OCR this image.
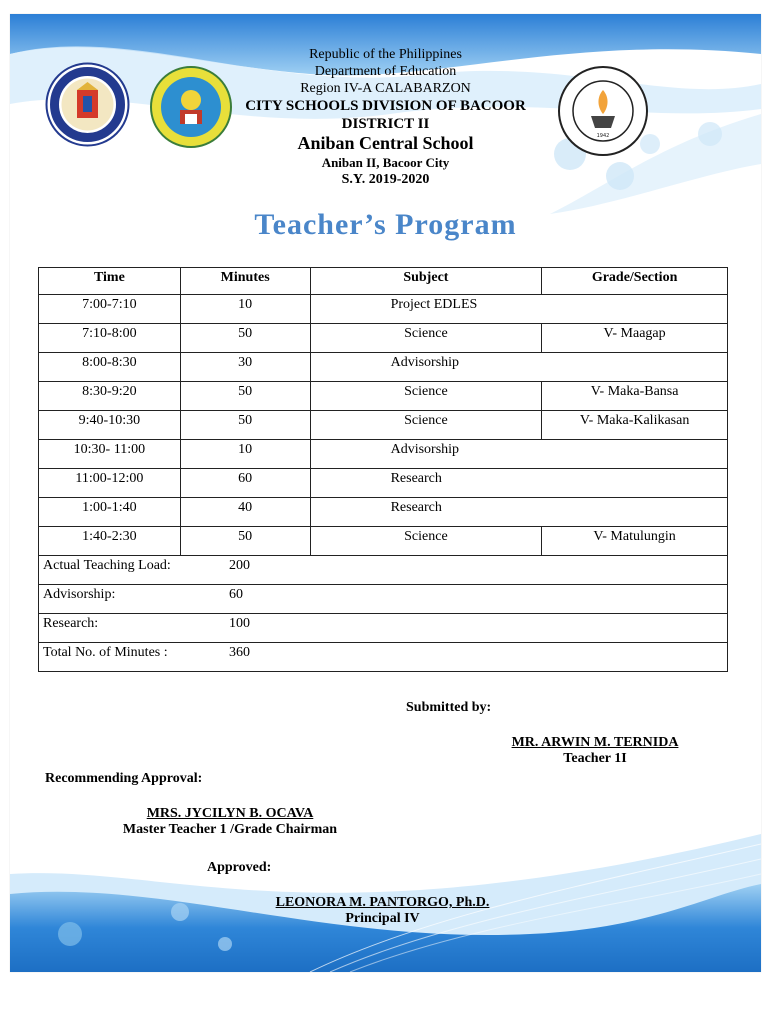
1942
Republic of the Philippines
Department of Education
Region IV-A CALABARZON
CITY SCHOOLS DIVISION OF BACOOR
DISTRICT II
Aniban Central School
Aniban II, Bacoor City
S.Y. 2019-2020
Teacher’s Program
Time	Minutes	Subject	Grade/Section
7:00-7:10	10	Project EDLES	
7:10-8:00	50	Science	V- Maagap
8:00-8:30	30	Advisorship	
8:30-9:20	50	Science	V- Maka-Bansa
9:40-10:30	50	Science	V- Maka-Kalikasan
10:30- 11:00	10	Advisorship	
11:00-12:00	60	Research	
1:00-1:40	40	Research	
1:40-2:30	50	Science	V- Matulungin
Actual Teaching Load: 200			
Advisorship: 60			
Research: 100			
Total No. of Minutes : 360			
Submitted by:
MR. ARWIN M. TERNIDA
Teacher 1I
Recommending Approval:
MRS. JYCILYN B. OCAVA
Master Teacher 1 /Grade Chairman
Approved:
LEONORA M. PANTORGO, Ph.D.
Principal IV
